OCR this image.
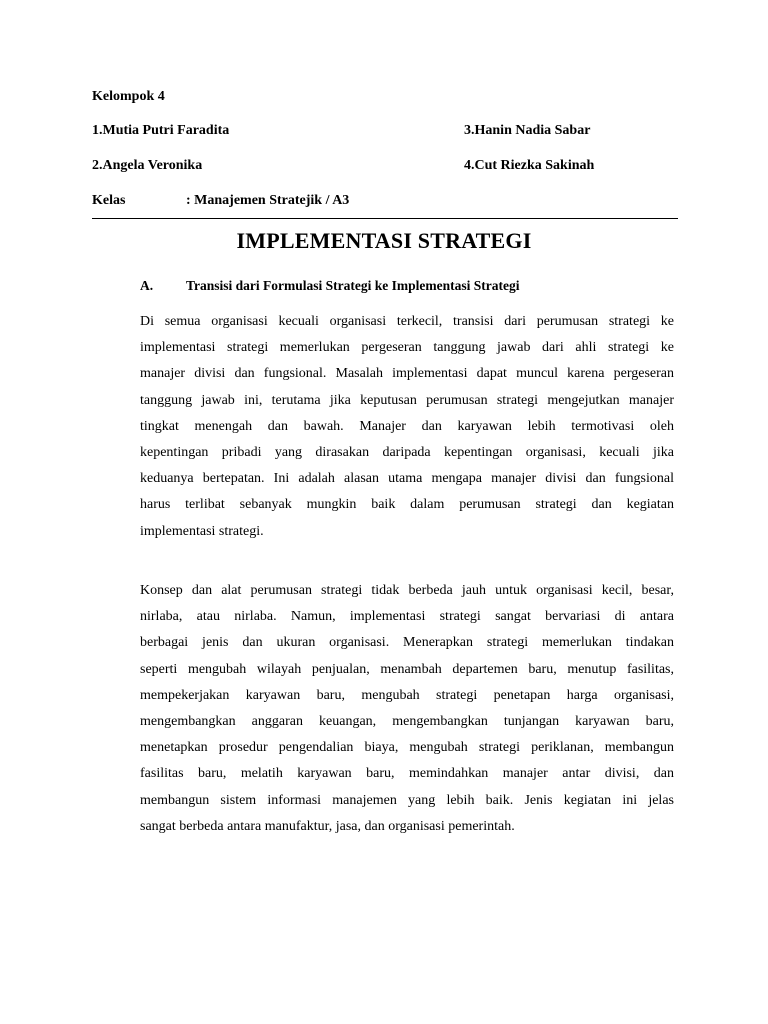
Kelompok 4
1.Mutia Putri Faradita	3.Hanin Nadia Sabar
2.Angela Veronika	4.Cut Riezka Sakinah
Kelas	: Manajemen Stratejik / A3
IMPLEMENTASI STRATEGI
A. Transisi dari Formulasi Strategi ke Implementasi Strategi
Di semua organisasi kecuali organisasi terkecil, transisi dari perumusan strategi ke
implementasi strategi memerlukan pergeseran tanggung jawab dari ahli strategi ke
manajer divisi dan fungsional. Masalah implementasi dapat muncul karena pergeseran
tanggung jawab ini, terutama jika keputusan perumusan strategi mengejutkan manajer
tingkat menengah dan bawah. Manajer dan karyawan lebih termotivasi oleh
kepentingan pribadi yang dirasakan daripada kepentingan organisasi, kecuali jika
keduanya bertepatan. Ini adalah alasan utama mengapa manajer divisi dan fungsional
harus terlibat sebanyak mungkin baik dalam perumusan strategi dan kegiatan
implementasi strategi.
Konsep dan alat perumusan strategi tidak berbeda jauh untuk organisasi kecil, besar,
nirlaba, atau nirlaba. Namun, implementasi strategi sangat bervariasi di antara
berbagai jenis dan ukuran organisasi. Menerapkan strategi memerlukan tindakan
seperti mengubah wilayah penjualan, menambah departemen baru, menutup fasilitas,
mempekerjakan karyawan baru, mengubah strategi penetapan harga organisasi,
mengembangkan anggaran keuangan, mengembangkan tunjangan karyawan baru,
menetapkan prosedur pengendalian biaya, mengubah strategi periklanan, membangun
fasilitas baru, melatih karyawan baru, memindahkan manajer antar divisi, dan
membangun sistem informasi manajemen yang lebih baik. Jenis kegiatan ini jelas
sangat berbeda antara manufaktur, jasa, dan organisasi pemerintah.
